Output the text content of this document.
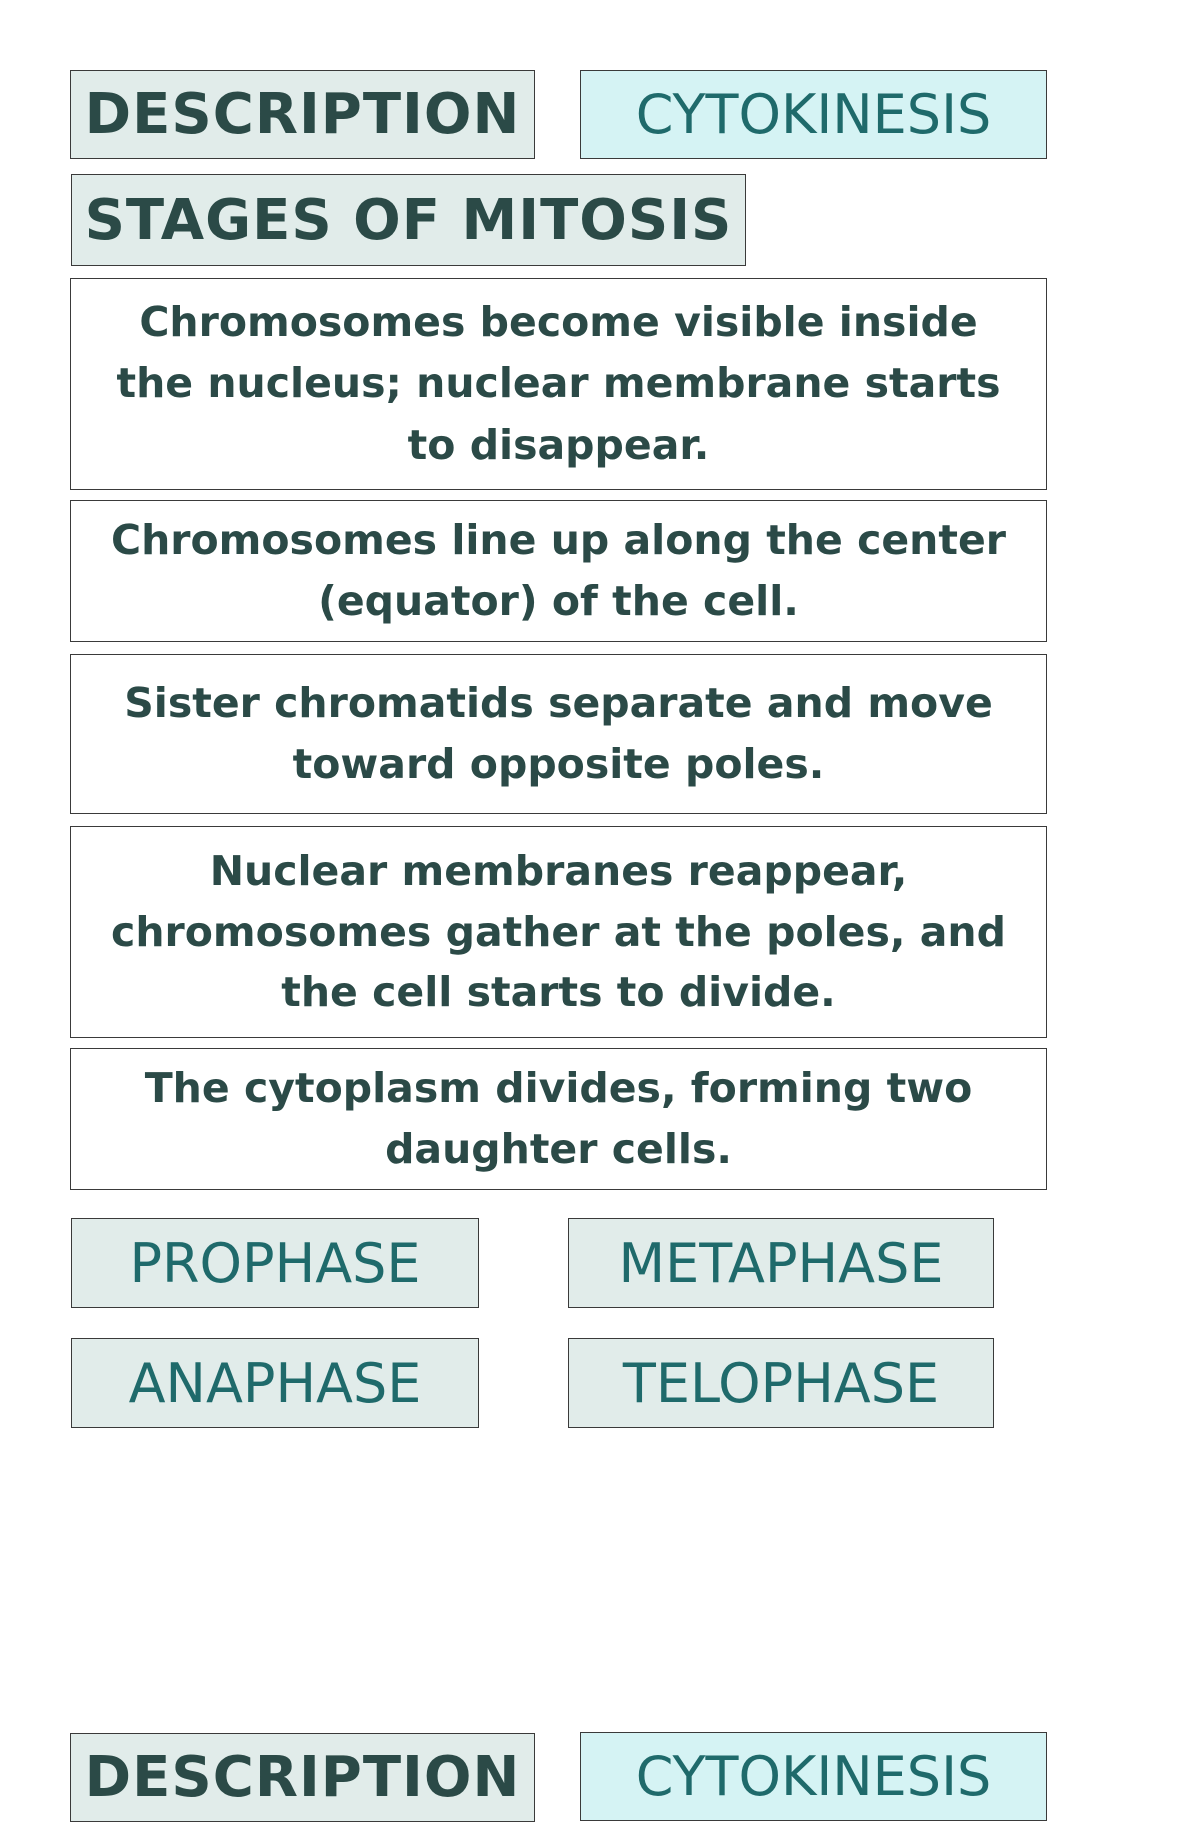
DESCRIPTION	CYTOKINESIS
STAGES OF MITOSIS
Chromosomes become visible inside the nucleus; nuclear membrane starts to disappear.
Chromosomes line up along the center (equator) of the cell.
Sister chromatids separate and move toward opposite poles.
Nuclear membranes reappear, chromosomes gather at the poles, and the cell starts to divide.
The cytoplasm divides, forming two daughter cells.
PROPHASE	METAPHASE
ANAPHASE	TELOPHASE
DESCRIPTION	CYTOKINESIS
